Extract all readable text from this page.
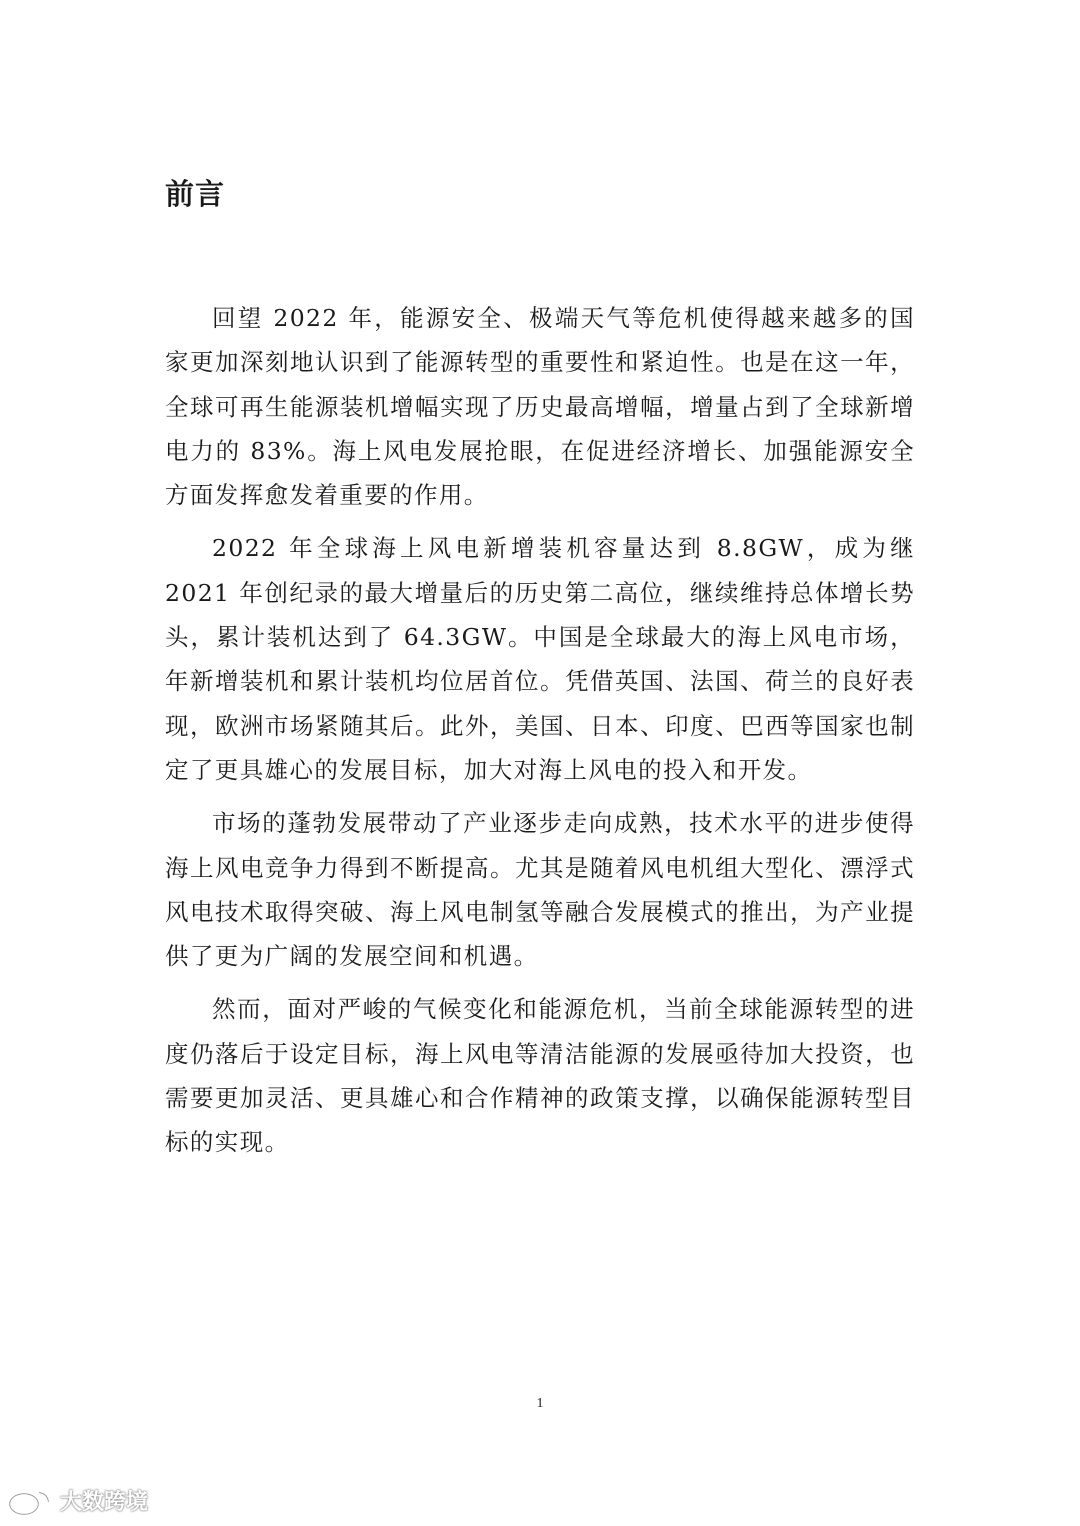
前言

回望 2022 年，能源安全、极端天气等危机使得越来越多的国家更加深刻地认识到了能源转型的重要性和紧迫性。也是在这一年，全球可再生能源装机增幅实现了历史最高增幅，增量占到了全球新增电力的 83%。海上风电发展抢眼，在促进经济增长、加强能源安全方面发挥愈发着重要的作用。

2022 年全球海上风电新增装机容量达到 8.8GW，成为继 2021 年创纪录的最大增量后的历史第二高位，继续维持总体增长势头，累计装机达到了 64.3GW。中国是全球最大的海上风电市场，年新增装机和累计装机均位居首位。凭借英国、法国、荷兰的良好表现，欧洲市场紧随其后。此外，美国、日本、印度、巴西等国家也制定了更具雄心的发展目标，加大对海上风电的投入和开发。

市场的蓬勃发展带动了产业逐步走向成熟，技术水平的进步使得海上风电竞争力得到不断提高。尤其是随着风电机组大型化、漂浮式风电技术取得突破、海上风电制氢等融合发展模式的推出，为产业提供了更为广阔的发展空间和机遇。

然而，面对严峻的气候变化和能源危机，当前全球能源转型的进度仍落后于设定目标，海上风电等清洁能源的发展亟待加大投资，也需要更加灵活、更具雄心和合作精神的政策支撑，以确保能源转型目标的实现。

1
大数跨境
